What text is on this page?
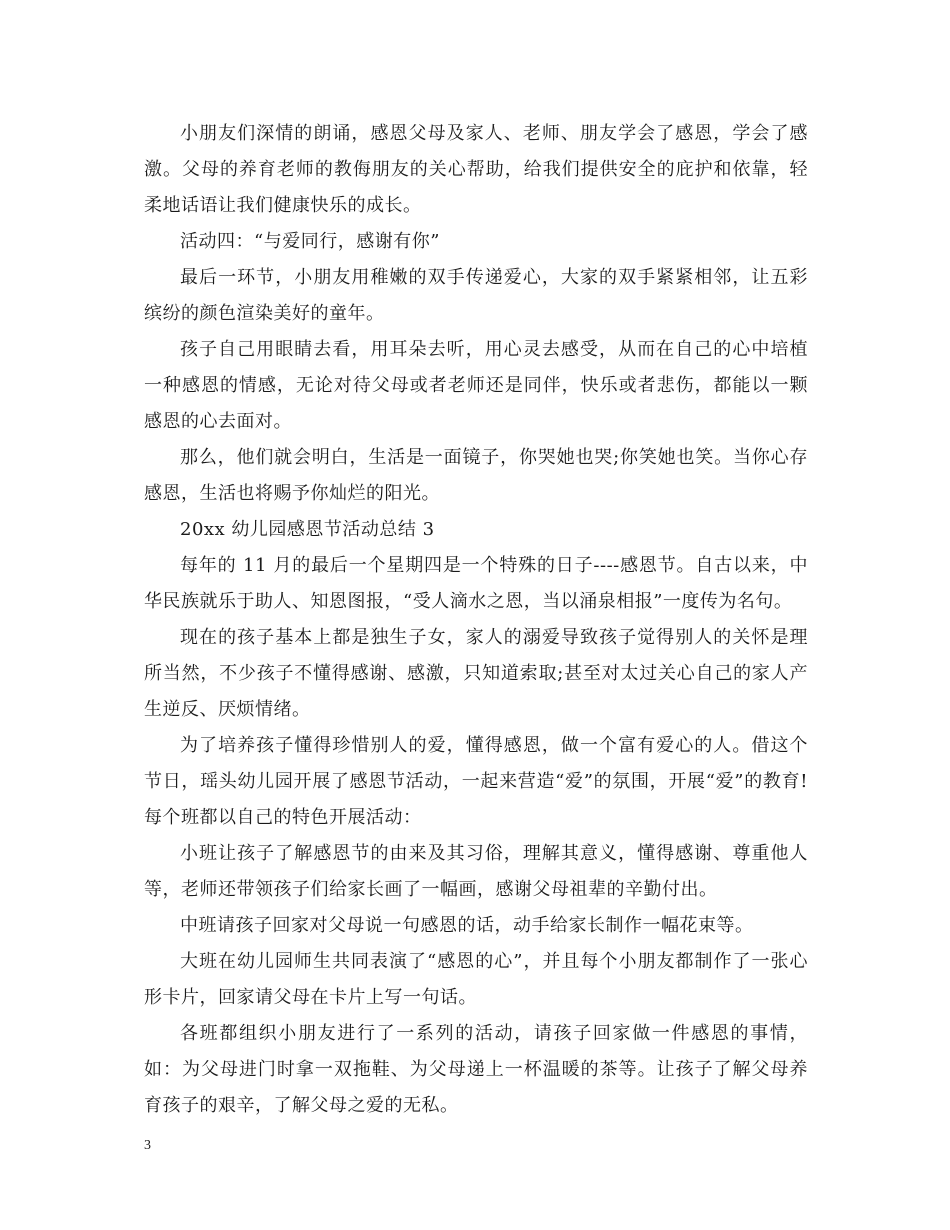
小朋友们深情的朗诵，感恩父母及家人、老师、朋友学会了感恩，学会了感激。父母的养育老师的教侮朋友的关心帮助，给我们提供安全的庇护和依靠，轻柔地话语让我们健康快乐的成长。

活动四：“与爱同行，感谢有你”

最后一环节，小朋友用稚嫩的双手传递爱心，大家的双手紧紧相邻，让五彩缤纷的颜色渲染美好的童年。

孩子自己用眼睛去看，用耳朵去听，用心灵去感受，从而在自己的心中培植一种感恩的情感，无论对待父母或者老师还是同伴，快乐或者悲伤，都能以一颗感恩的心去面对。

那么，他们就会明白，生活是一面镜子，你哭她也哭;你笑她也笑。当你心存感恩，生活也将赐予你灿烂的阳光。

20xx 幼儿园感恩节活动总结 3

每年的 11 月的最后一个星期四是一个特殊的日子----感恩节。自古以来，中华民族就乐于助人、知恩图报，“受人滴水之恩，当以涌泉相报”一度传为名句。

现在的孩子基本上都是独生子女，家人的溺爱导致孩子觉得别人的关怀是理所当然，不少孩子不懂得感谢、感激，只知道索取;甚至对太过关心自己的家人产生逆反、厌烦情绪。

为了培养孩子懂得珍惜别人的爱，懂得感恩，做一个富有爱心的人。借这个节日，瑶头幼儿园开展了感恩节活动，一起来营造“爱”的氛围，开展“爱”的教育!每个班都以自己的特色开展活动：

小班让孩子了解感恩节的由来及其习俗，理解其意义，懂得感谢、尊重他人等，老师还带领孩子们给家长画了一幅画，感谢父母祖辈的辛勤付出。

中班请孩子回家对父母说一句感恩的话，动手给家长制作一幅花束等。

大班在幼儿园师生共同表演了“感恩的心”，并且每个小朋友都制作了一张心形卡片，回家请父母在卡片上写一句话。

各班都组织小朋友进行了一系列的活动，请孩子回家做一件感恩的事情，如：为父母进门时拿一双拖鞋、为父母递上一杯温暖的茶等。让孩子了解父母养育孩子的艰辛，了解父母之爱的无私。

3
